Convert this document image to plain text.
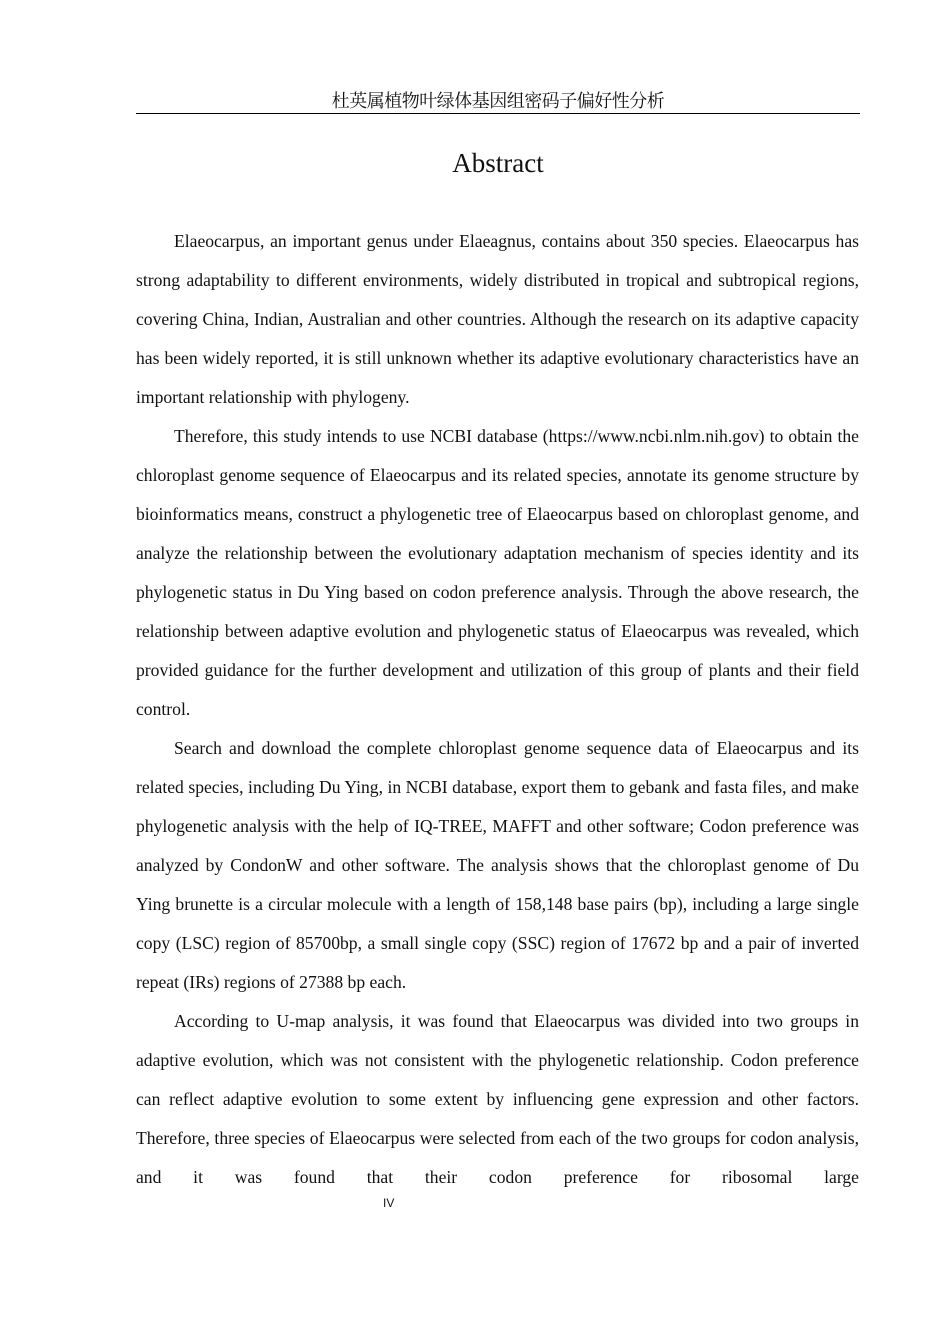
杜英属植物叶绿体基因组密码子偏好性分析
Abstract

Elaeocarpus, an important genus under Elaeagnus, contains about 350 species. Elaeocarpus has strong adaptability to different environments, widely distributed in tropical and subtropical regions, covering China, Indian, Australian and other countries. Although the research on its adaptive capacity has been widely reported, it is still unknown whether its adaptive evolutionary characteristics have an important relationship with phylogeny.

Therefore, this study intends to use NCBI database (https://www.ncbi.nlm.nih.gov) to obtain the chloroplast genome sequence of Elaeocarpus and its related species, annotate its genome structure by bioinformatics means, construct a phylogenetic tree of Elaeocarpus based on chloroplast genome, and analyze the relationship between the evolutionary adaptation mechanism of species identity and its phylogenetic status in Du Ying based on codon preference analysis. Through the above research, the relationship between adaptive evolution and phylogenetic status of Elaeocarpus was revealed, which provided guidance for the further development and utilization of this group of plants and their field control.

Search and download the complete chloroplast genome sequence data of Elaeocarpus and its related species, including Du Ying, in NCBI database, export them to gebank and fasta files, and make phylogenetic analysis with the help of IQ-TREE, MAFFT and other software; Codon preference was analyzed by CondonW and other software. The analysis shows that the chloroplast genome of Du Ying brunette is a circular molecule with a length of 158,148 base pairs (bp), including a large single copy (LSC) region of 85700bp, a small single copy (SSC) region of 17672 bp and a pair of inverted repeat (IRs) regions of 27388 bp each.

According to U-map analysis, it was found that Elaeocarpus was divided into two groups in adaptive evolution, which was not consistent with the phylogenetic relationship. Codon preference can reflect adaptive evolution to some extent by influencing gene expression and other factors. Therefore, three species of Elaeocarpus were selected from each of the two groups for codon analysis, and it was found that their codon preference for ribosomal large

IV
